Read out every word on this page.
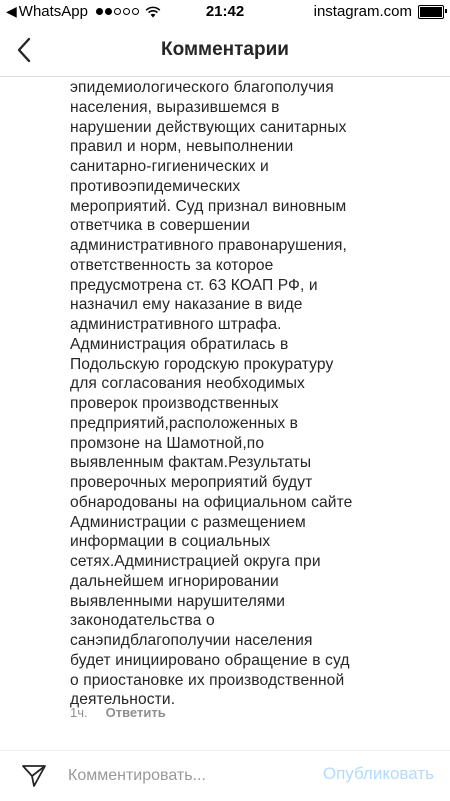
◀ WhatsApp	21:42	instagram.com
Комментарии
эпидемиологического благополучия
населения, выразившемся в
нарушении действующих санитарных
правил и норм, невыполнении
санитарно-гигиенических и
противоэпидемических
мероприятий. Суд признал виновным
ответчика в совершении
административного правонарушения,
ответственность за которое
предусмотрена ст. 63 КОАП РФ, и
назначил ему наказание в виде
административного штрафа.
Администрация обратилась в
Подольскую городскую прокуратуру
для согласования необходимых
проверок производственных
предприятий,расположенных в
промзоне на Шамотной,по
выявленным фактам.Результаты
проверочных мероприятий будут
обнародованы на официальном сайте
Администрации с размещением
информации в социальных
сетях.Администрацией округа при
дальнейшем игнорировании
выявленными нарушителями
законодательства о
санэпидблагополучии населения
будет инициировано обращение в суд
о приостановке их производственной
деятельности.
1ч. Ответить
Комментировать...
Опубликовать
